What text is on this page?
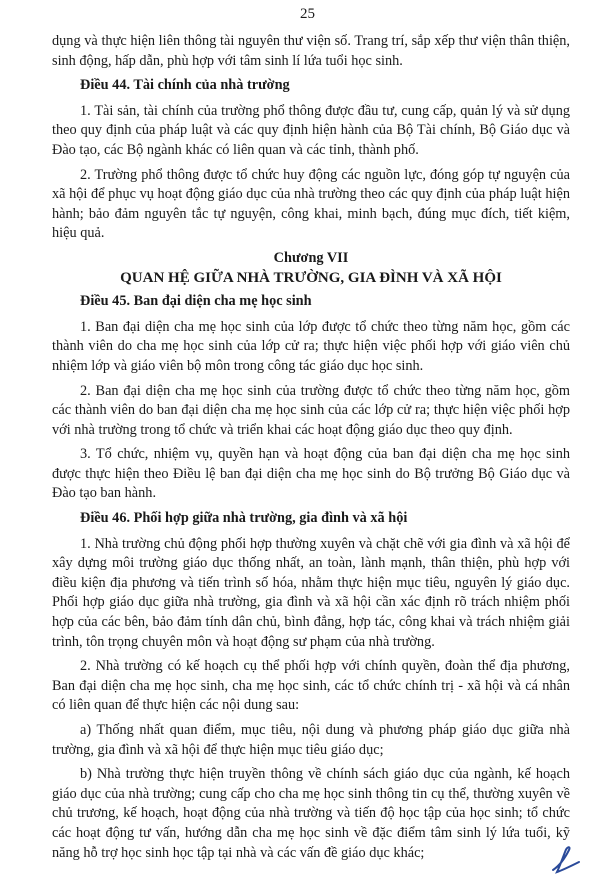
25

dụng và thực hiện liên thông tài nguyên thư viện số. Trang trí, sắp xếp thư viện thân thiện, sinh động, hấp dẫn, phù hợp với tâm sinh lí lứa tuổi học sinh.

Điều 44. Tài chính của nhà trường

1. Tài sản, tài chính của trường phổ thông được đầu tư, cung cấp, quản lý và sử dụng theo quy định của pháp luật và các quy định hiện hành của Bộ Tài chính, Bộ Giáo dục và Đào tạo, các Bộ ngành khác có liên quan và các tỉnh, thành phố.

2. Trường phổ thông được tổ chức huy động các nguồn lực, đóng góp tự nguyện của xã hội để phục vụ hoạt động giáo dục của nhà trường theo các quy định của pháp luật hiện hành; bảo đảm nguyên tắc tự nguyện, công khai, minh bạch, đúng mục đích, tiết kiệm, hiệu quả.

Chương VII

QUAN HỆ GIỮA NHÀ TRƯỜNG, GIA ĐÌNH VÀ XÃ HỘI

Điều 45. Ban đại diện cha mẹ học sinh

1. Ban đại diện cha mẹ học sinh của lớp được tổ chức theo từng năm học, gồm các thành viên do cha mẹ học sinh của lớp cử ra; thực hiện việc phối hợp với giáo viên chủ nhiệm lớp và giáo viên bộ môn trong công tác giáo dục học sinh.

2. Ban đại diện cha mẹ học sinh của trường được tổ chức theo từng năm học, gồm các thành viên do ban đại diện cha mẹ học sinh của các lớp cử ra; thực hiện việc phối hợp với nhà trường trong tổ chức và triển khai các hoạt động giáo dục theo quy định.

3. Tổ chức, nhiệm vụ, quyền hạn và hoạt động của ban đại diện cha mẹ học sinh được thực hiện theo Điều lệ ban đại diện cha mẹ học sinh do Bộ trưởng Bộ Giáo dục và Đào tạo ban hành.

Điều 46. Phối hợp giữa nhà trường, gia đình và xã hội

1. Nhà trường chủ động phối hợp thường xuyên và chặt chẽ với gia đình và xã hội để xây dựng môi trường giáo dục thống nhất, an toàn, lành mạnh, thân thiện, phù hợp với điều kiện địa phương và tiến trình số hóa, nhằm thực hiện mục tiêu, nguyên lý giáo dục. Phối hợp giáo dục giữa nhà trường, gia đình và xã hội cần xác định rõ trách nhiệm phối hợp của các bên, bảo đảm tính dân chủ, bình đẳng, hợp tác, công khai và trách nhiệm giải trình, tôn trọng chuyên môn và hoạt động sư phạm của nhà trường.

2. Nhà trường có kế hoạch cụ thể phối hợp với chính quyền, đoàn thể địa phương, Ban đại diện cha mẹ học sinh, cha mẹ học sinh, các tổ chức chính trị - xã hội và cá nhân có liên quan để thực hiện các nội dung sau:

a) Thống nhất quan điểm, mục tiêu, nội dung và phương pháp giáo dục giữa nhà trường, gia đình và xã hội để thực hiện mục tiêu giáo dục;

b) Nhà trường thực hiện truyền thông về chính sách giáo dục của ngành, kế hoạch giáo dục của nhà trường; cung cấp cho cha mẹ học sinh thông tin cụ thể, thường xuyên về chủ trương, kế hoạch, hoạt động của nhà trường và tiến độ học tập của học sinh; tổ chức các hoạt động tư vấn, hướng dẫn cha mẹ học sinh về đặc điểm tâm sinh lý lứa tuổi, kỹ năng hỗ trợ học sinh học tập tại nhà và các vấn đề giáo dục khác;
